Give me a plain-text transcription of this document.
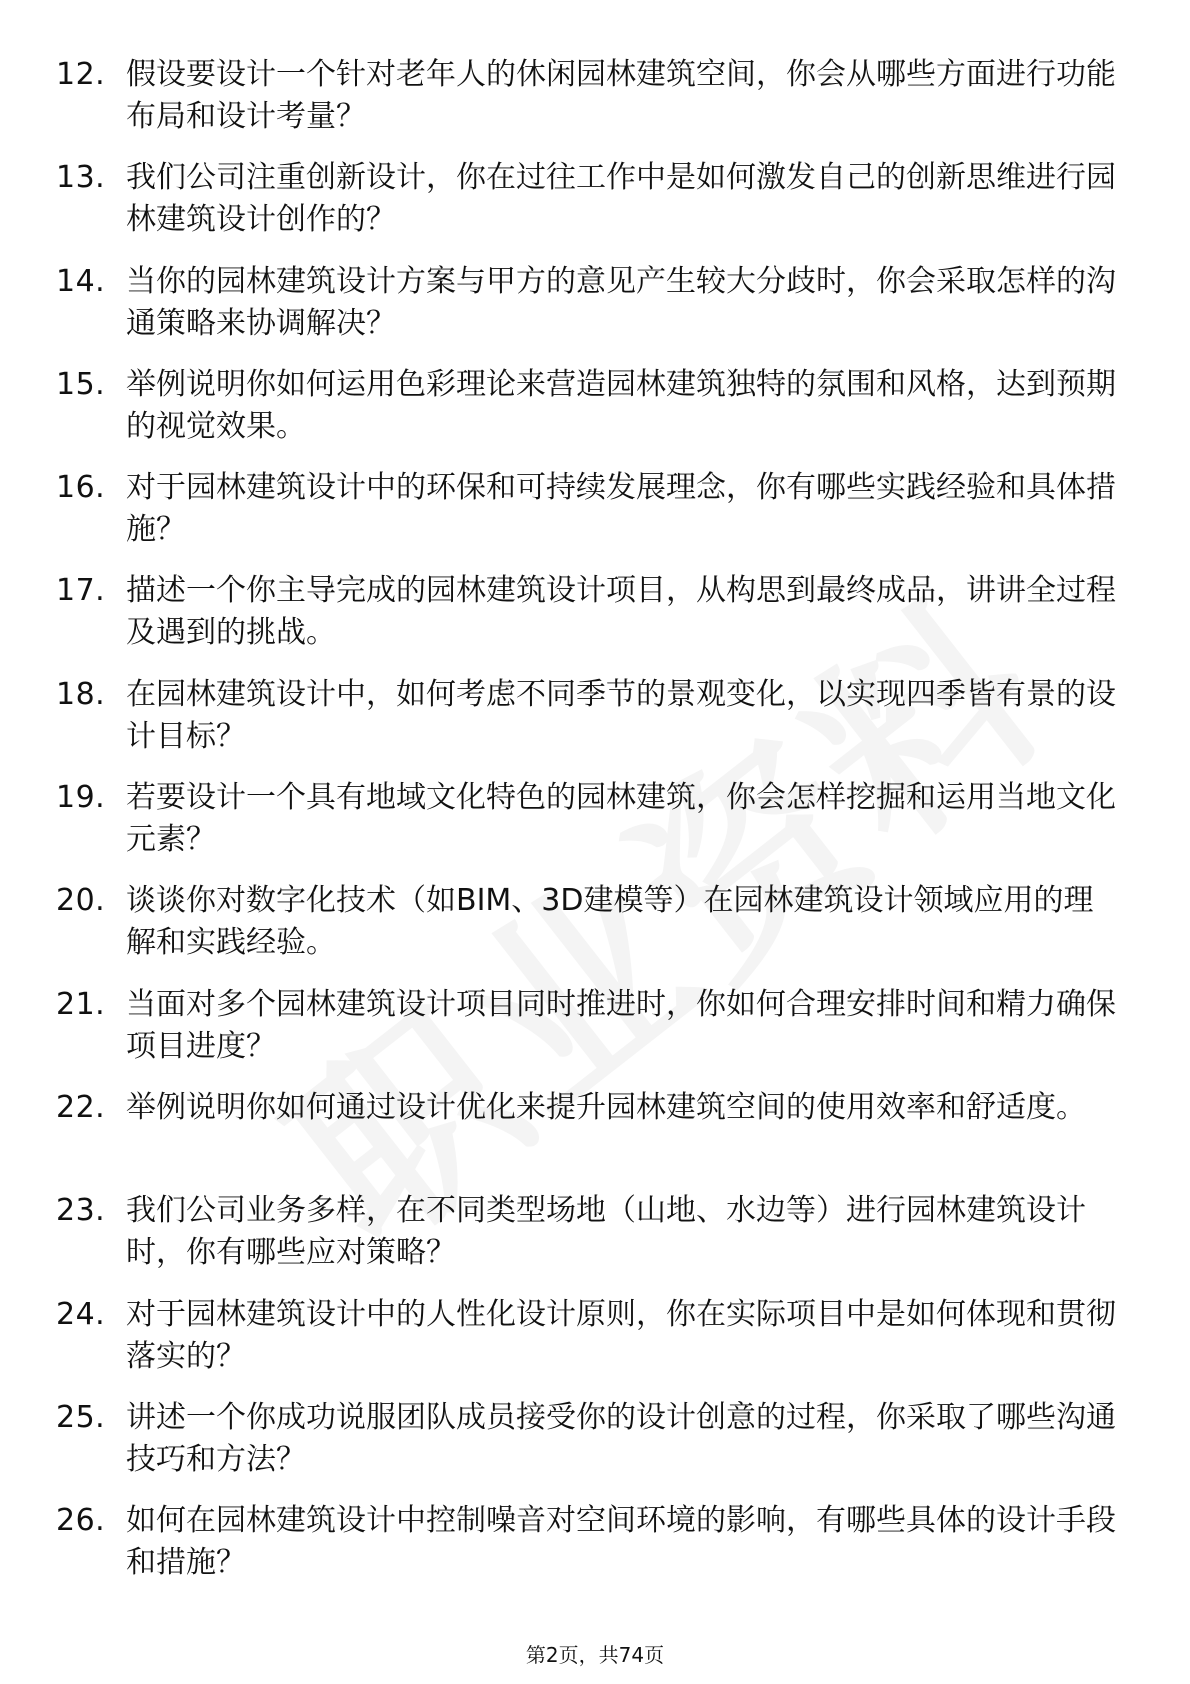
12. 假设要设计一个针对老年人的休闲园林建筑空间，你会从哪些方面进行功能布局和设计考量？
13. 我们公司注重创新设计，你在过往工作中是如何激发自己的创新思维进行园林建筑设计创作的？
14. 当你的园林建筑设计方案与甲方的意见产生较大分歧时，你会采取怎样的沟通策略来协调解决？
15. 举例说明你如何运用色彩理论来营造园林建筑独特的氛围和风格，达到预期的视觉效果。
16. 对于园林建筑设计中的环保和可持续发展理念，你有哪些实践经验和具体措施？
17. 描述一个你主导完成的园林建筑设计项目，从构思到最终成品，讲讲全过程及遇到的挑战。
18. 在园林建筑设计中，如何考虑不同季节的景观变化，以实现四季皆有景的设计目标？
19. 若要设计一个具有地域文化特色的园林建筑，你会怎样挖掘和运用当地文化元素？
20. 谈谈你对数字化技术（如BIM、3D建模等）在园林建筑设计领域应用的理解和实践经验。
21. 当面对多个园林建筑设计项目同时推进时，你如何合理安排时间和精力确保项目进度？
22. 举例说明你如何通过设计优化来提升园林建筑空间的使用效率和舒适度。
23. 我们公司业务多样，在不同类型场地（山地、水边等）进行园林建筑设计时，你有哪些应对策略？
24. 对于园林建筑设计中的人性化设计原则，你在实际项目中是如何体现和贯彻落实的？
25. 讲述一个你成功说服团队成员接受你的设计创意的过程，你采取了哪些沟通技巧和方法？
26. 如何在园林建筑设计中控制噪音对空间环境的影响，有哪些具体的设计手段和措施？
第2页，共74页
